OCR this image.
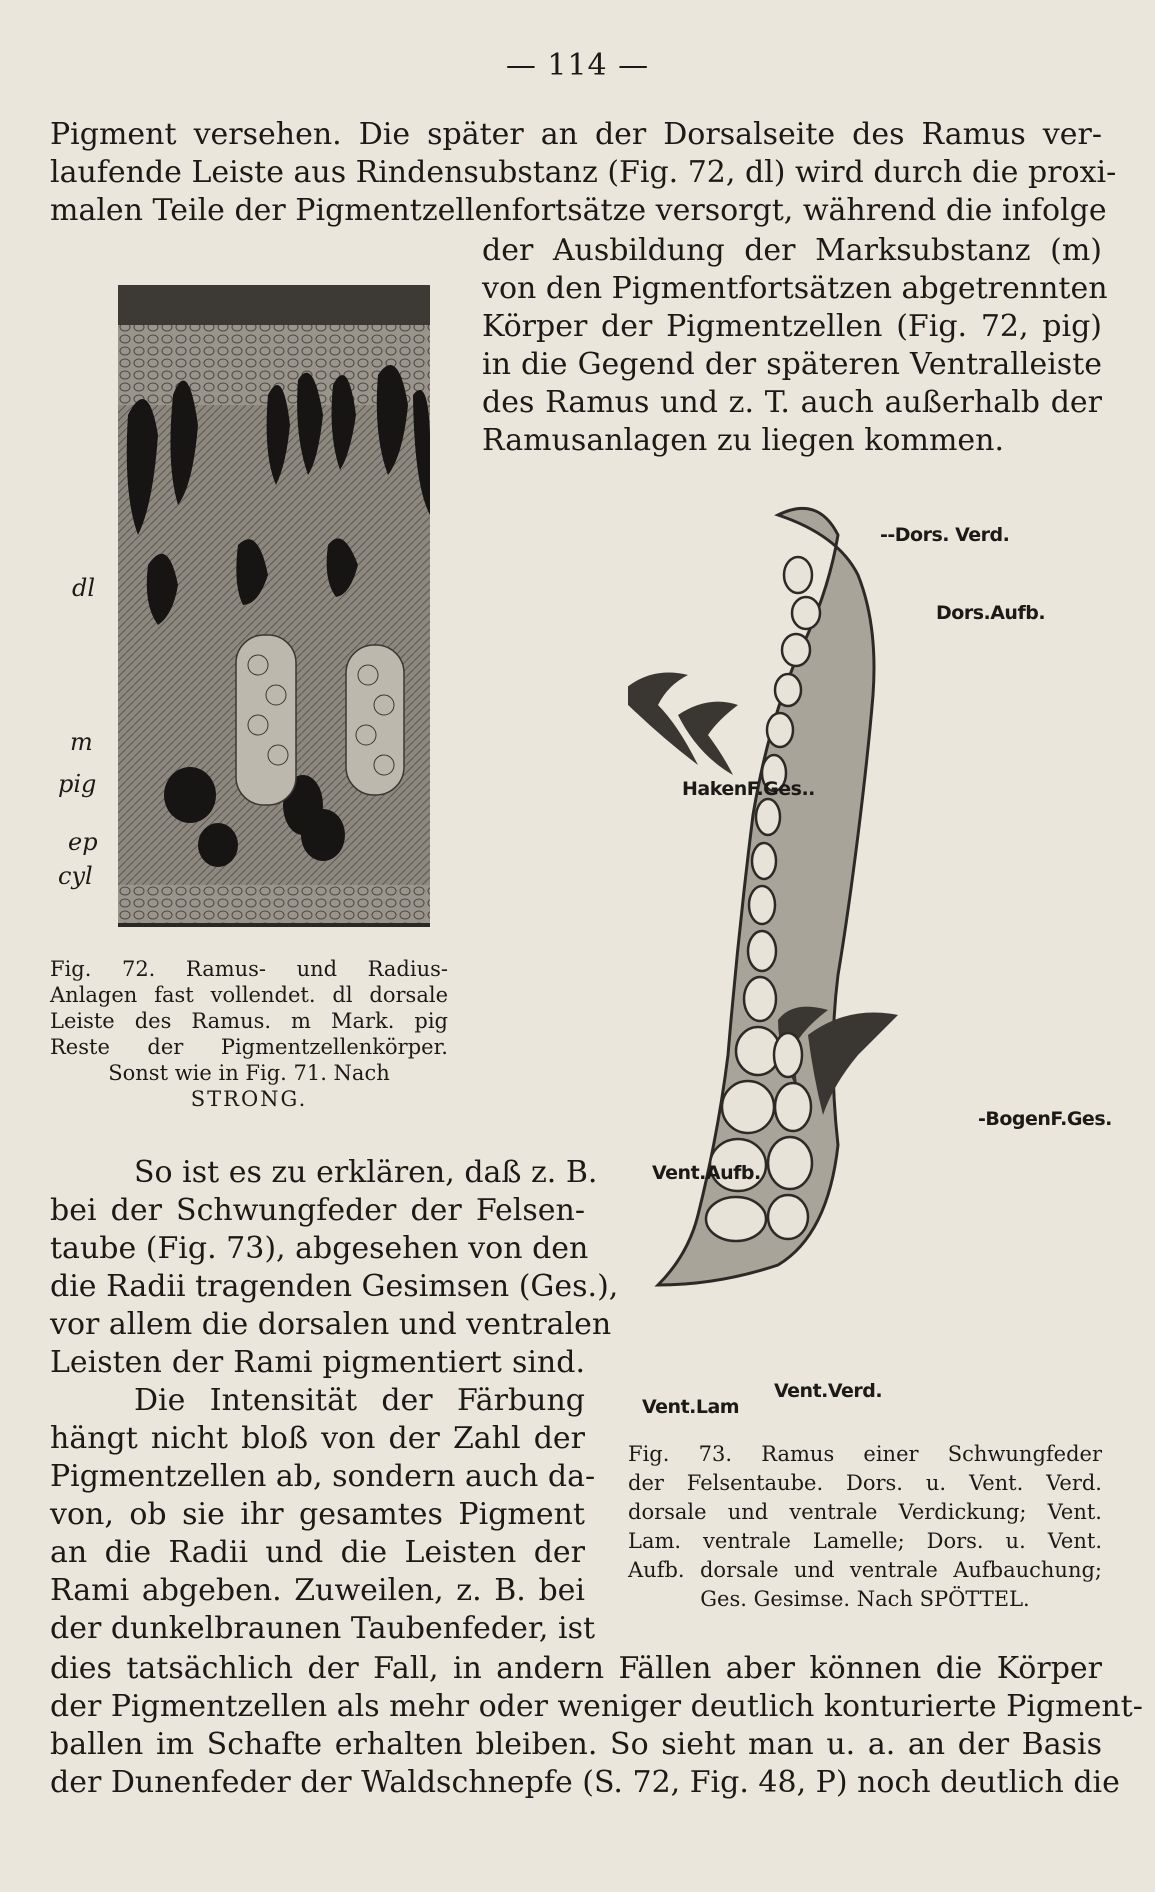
— 114 —
Pigment versehen. Die später an der Dorsalseite des Ramus ver-
laufende Leiste aus Rindensubstanz (Fig. 72, dl) wird durch die proxi-
malen Teile der Pigmentzellenfortsätze versorgt, während die infolge
der Ausbildung der Marksubstanz (m)
von den Pigmentfortsätzen abgetrennten
Körper der Pigmentzellen (Fig. 72, pig)
in die Gegend der späteren Ventralleiste
des Ramus und z. T. auch außerhalb der
Ramusanlagen zu liegen kommen.
dl
m
pig
ep
cyl
Fig. 72. Ramus- und Radius-
Anlagen fast vollendet. dl dorsale
Leiste des Ramus. m Mark. pig
Reste der Pigmentzellenkörper.
Sonst wie in Fig. 71. Nach
STRONG.
--Dors. Verd.
Dors.Aufb.
HakenF.Ges..
-BogenF.Ges.
Vent.Aufb.
Vent.Lam
Vent.Verd.
Fig. 73. Ramus einer Schwungfeder
der Felsentaube. Dors. u. Vent. Verd.
dorsale und ventrale Verdickung; Vent.
Lam. ventrale Lamelle; Dors. u. Vent.
Aufb. dorsale und ventrale Aufbauchung;
Ges. Gesimse. Nach SPÖTTEL.
So ist es zu erklären, daß z. B.
bei der Schwungfeder der Felsen-
taube (Fig. 73), abgesehen von den
die Radii tragenden Gesimsen (Ges.),
vor allem die dorsalen und ventralen
Leisten der Rami pigmentiert sind.
Die Intensität der Färbung
hängt nicht bloß von der Zahl der
Pigmentzellen ab, sondern auch da-
von, ob sie ihr gesamtes Pigment
an die Radii und die Leisten der
Rami abgeben. Zuweilen, z. B. bei
der dunkelbraunen Taubenfeder, ist
dies tatsächlich der Fall, in andern Fällen aber können die Körper
der Pigmentzellen als mehr oder weniger deutlich konturierte Pigment-
ballen im Schafte erhalten bleiben. So sieht man u. a. an der Basis
der Dunenfeder der Waldschnepfe (S. 72, Fig. 48, P) noch deutlich die
